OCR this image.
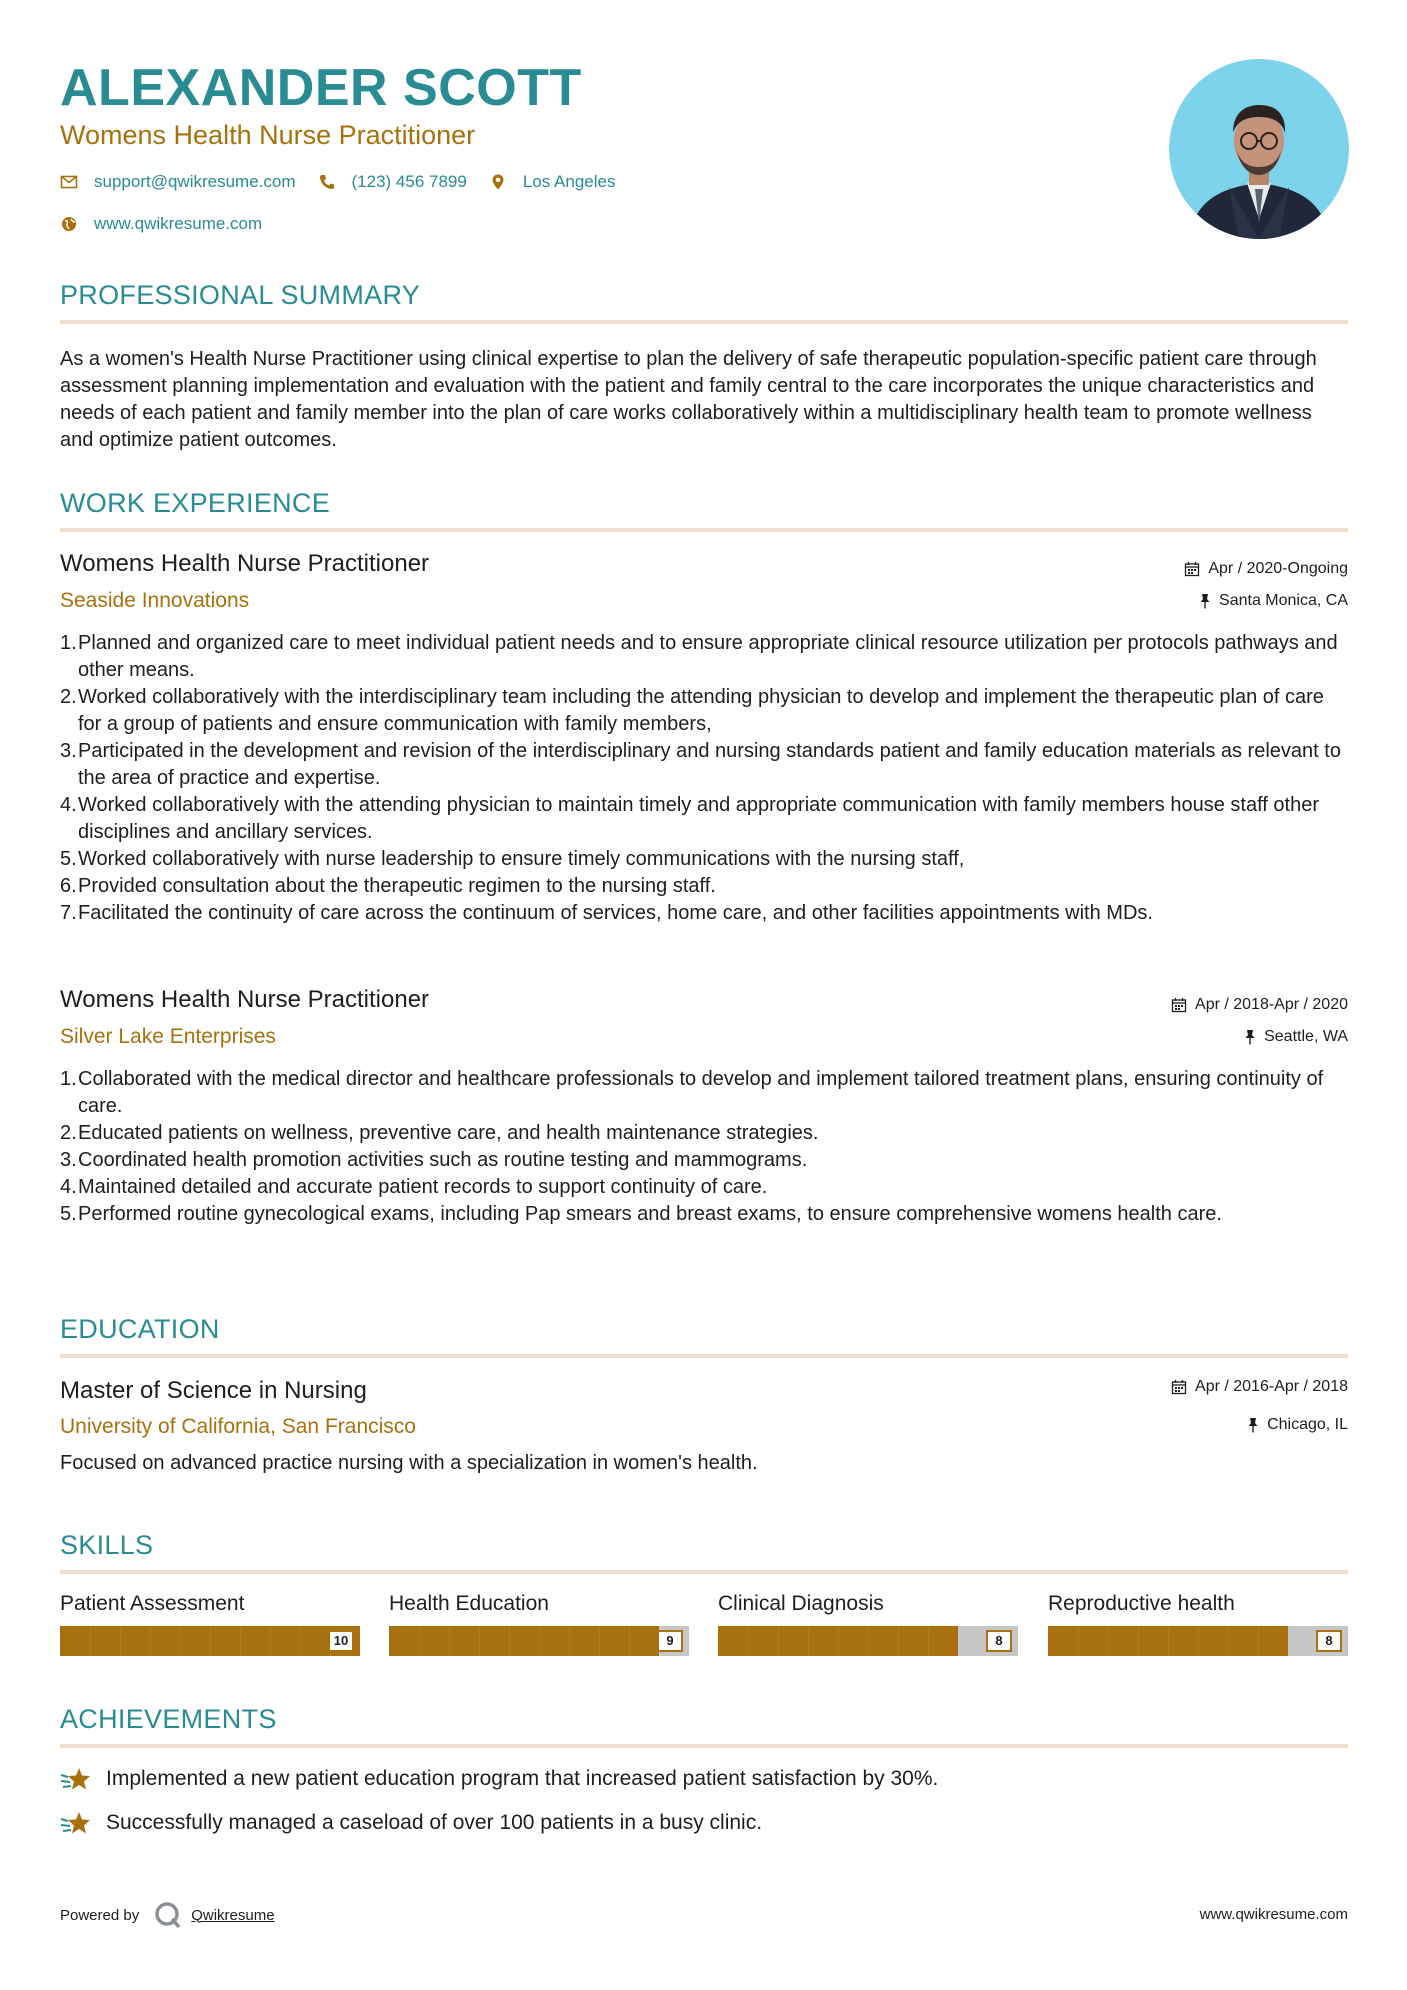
ALEXANDER SCOTT
Womens Health Nurse Practitioner
support@qwikresume.com	(123) 456 7899	Los Angeles
www.qwikresume.com
PROFESSIONAL SUMMARY
As a women's Health Nurse Practitioner using clinical expertise to plan the delivery of safe therapeutic population-specific patient care through assessment planning implementation and evaluation with the patient and family central to the care incorporates the unique characteristics and needs of each patient and family member into the plan of care works collaboratively within a multidisciplinary health team to promote wellness and optimize patient outcomes.
WORK EXPERIENCE
Womens Health Nurse Practitioner	Apr / 2020-Ongoing
Seaside Innovations	Santa Monica, CA
Planned and organized care to meet individual patient needs and to ensure appropriate clinical resource utilization per protocols pathways and other means.
Worked collaboratively with the interdisciplinary team including the attending physician to develop and implement the therapeutic plan of care for a group of patients and ensure communication with family members,
Participated in the development and revision of the interdisciplinary and nursing standards patient and family education materials as relevant to the area of practice and expertise.
Worked collaboratively with the attending physician to maintain timely and appropriate communication with family members house staff other disciplines and ancillary services.
Worked collaboratively with nurse leadership to ensure timely communications with the nursing staff,
Provided consultation about the therapeutic regimen to the nursing staff.
Facilitated the continuity of care across the continuum of services, home care, and other facilities appointments with MDs.
Womens Health Nurse Practitioner	Apr / 2018-Apr / 2020
Silver Lake Enterprises	Seattle, WA
Collaborated with the medical director and healthcare professionals to develop and implement tailored treatment plans, ensuring continuity of care.
Educated patients on wellness, preventive care, and health maintenance strategies.
Coordinated health promotion activities such as routine testing and mammograms.
Maintained detailed and accurate patient records to support continuity of care.
Performed routine gynecological exams, including Pap smears and breast exams, to ensure comprehensive womens health care.
EDUCATION
Master of Science in Nursing	Apr / 2016-Apr / 2018
University of California, San Francisco	Chicago, IL
Focused on advanced practice nursing with a specialization in women's health.
SKILLS
Patient Assessment
10
Health Education
9
Clinical Diagnosis
8
Reproductive health
8
ACHIEVEMENTS
Implemented a new patient education program that increased patient satisfaction by 30%.
Successfully managed a caseload of over 100 patients in a busy clinic.
Powered by	Qwikresume	www.qwikresume.com
